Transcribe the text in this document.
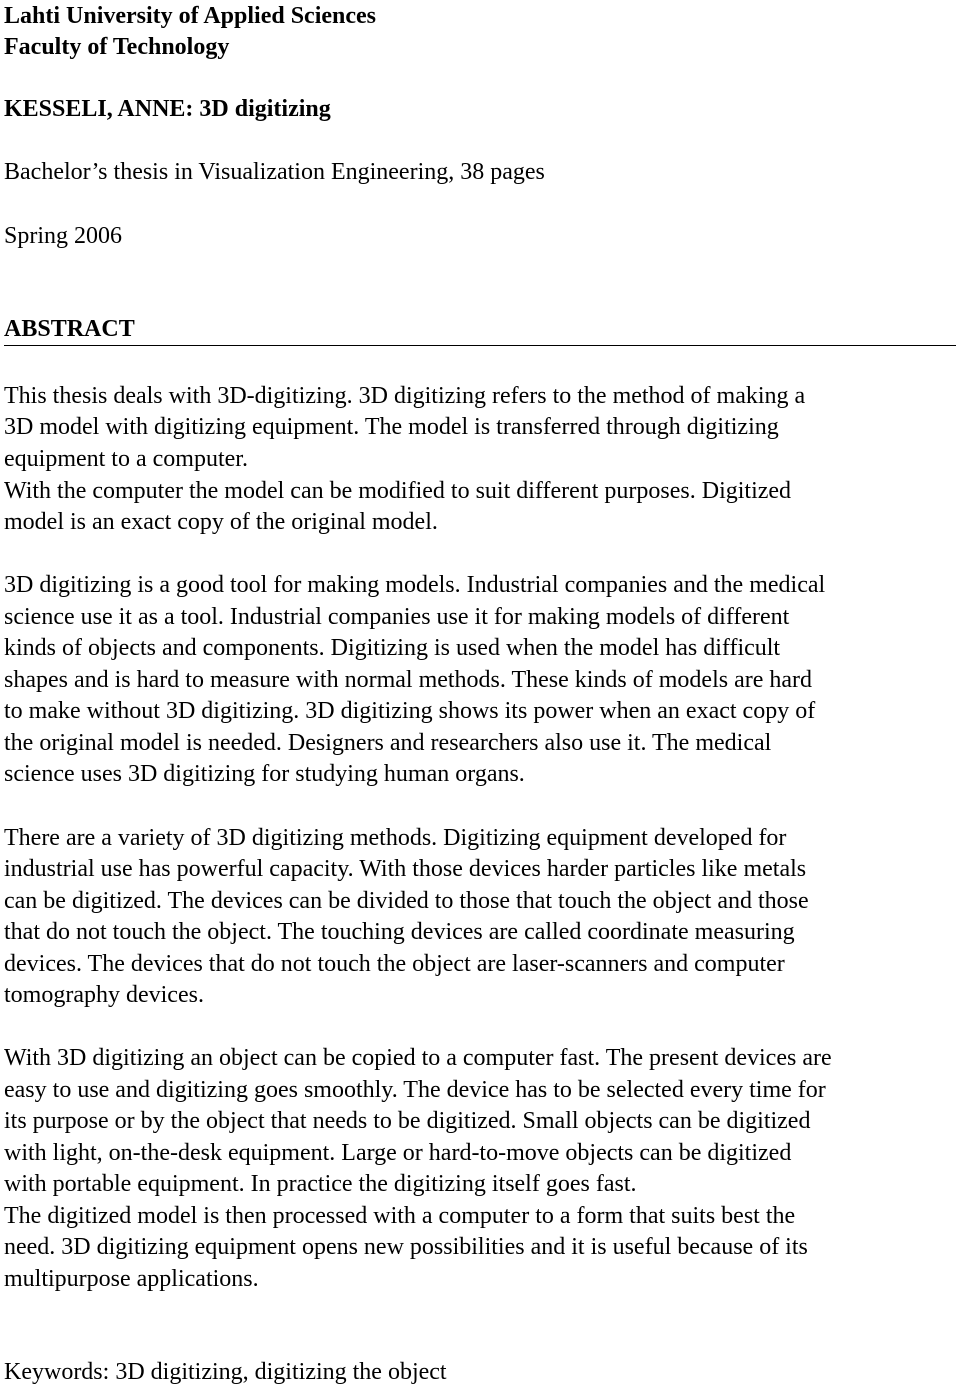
Lahti University of Applied Sciences
Faculty of Technology
KESSELI, ANNE: 3D digitizing
Bachelor’s thesis in Visualization Engineering, 38 pages
Spring 2006
ABSTRACT
This thesis deals with 3D-digitizing. 3D digitizing refers to the method of making a
3D model with digitizing equipment. The model is transferred through digitizing
equipment to a computer.
With the computer the model can be modified to suit different purposes. Digitized
model is an exact copy of the original model.
3D digitizing is a good tool for making models. Industrial companies and the medical
science use it as a tool. Industrial companies use it for making models of different
kinds of objects and components. Digitizing is used when the model has difficult
shapes and is hard to measure with normal methods. These kinds of models are hard
to make without 3D digitizing. 3D digitizing shows its power when an exact copy of
the original model is needed. Designers and researchers also use it. The medical
science uses 3D digitizing for studying human organs.
There are a variety of 3D digitizing methods. Digitizing equipment developed for
industrial use has powerful capacity. With those devices harder particles like metals
can be digitized. The devices can be divided to those that touch the object and those
that do not touch the object. The touching devices are called coordinate measuring
devices. The devices that do not touch the object are laser-scanners and computer
tomography devices.
With 3D digitizing an object can be copied to a computer fast. The present devices are
easy to use and digitizing goes smoothly. The device has to be selected every time for
its purpose or by the object that needs to be digitized. Small objects can be digitized
with light, on-the-desk equipment. Large or hard-to-move objects can be digitized
with portable equipment. In practice the digitizing itself goes fast.
The digitized model is then processed with a computer to a form that suits best the
need. 3D digitizing equipment opens new possibilities and it is useful because of its
multipurpose applications.
Keywords: 3D digitizing, digitizing the object
